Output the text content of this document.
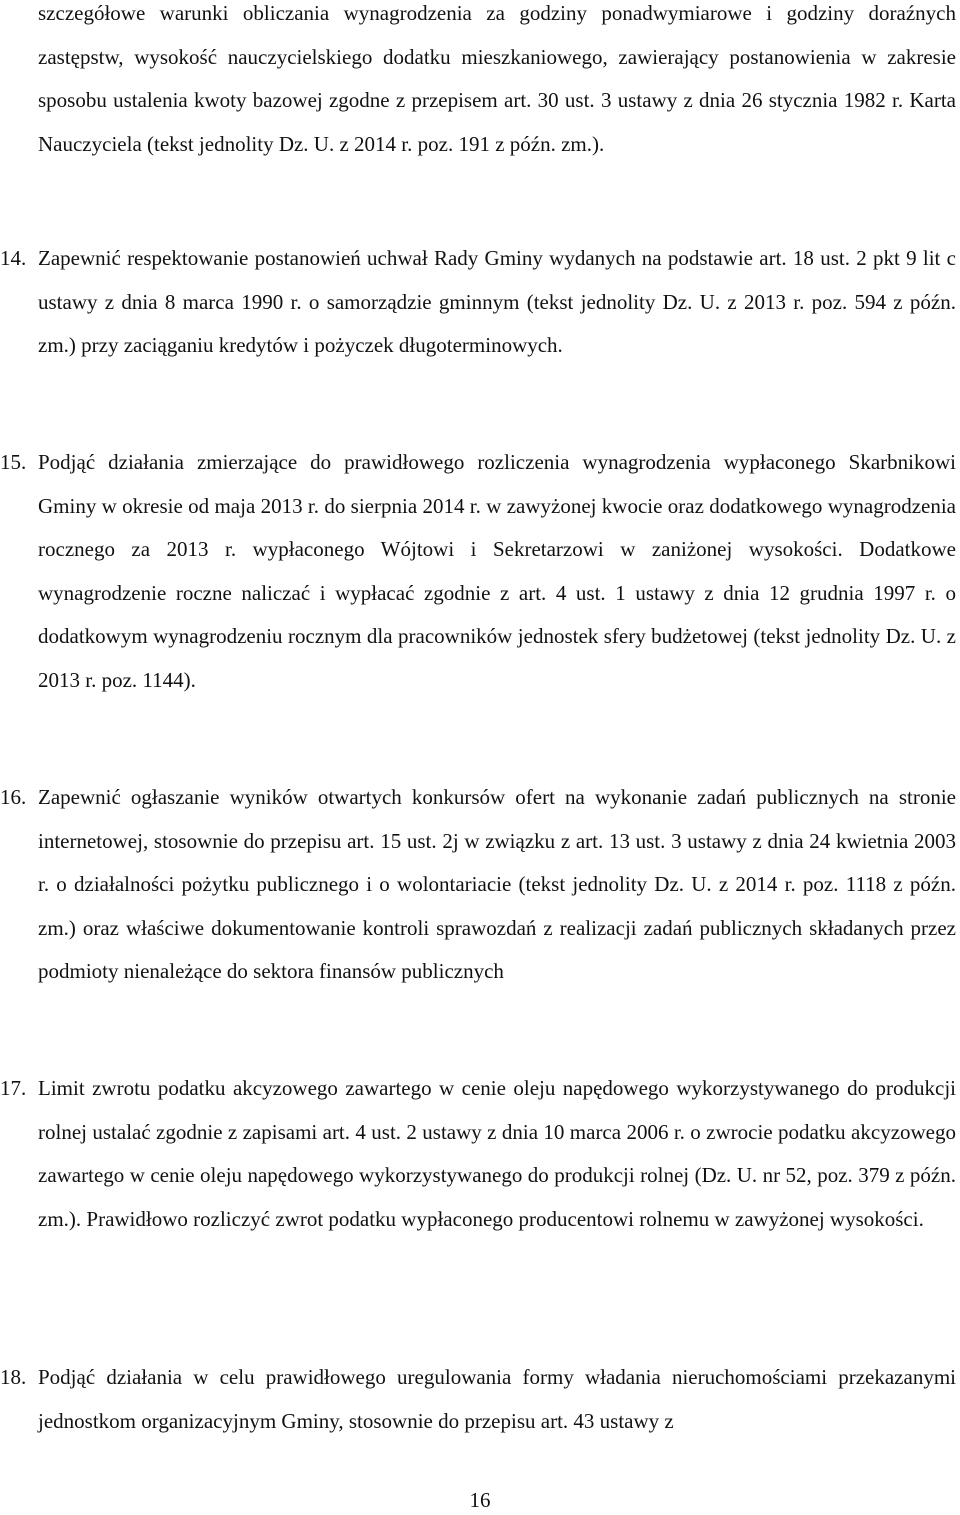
szczegółowe warunki obliczania wynagrodzenia za godziny ponadwymiarowe i godziny doraźnych zastępstw, wysokość nauczycielskiego dodatku mieszkaniowego, zawierający postanowienia w zakresie sposobu ustalenia kwoty bazowej zgodne z przepisem art. 30 ust. 3 ustawy z dnia 26 stycznia 1982 r. Karta Nauczyciela (tekst jednolity Dz. U. z 2014 r. poz. 191 z późn. zm.).
14. Zapewnić respektowanie postanowień uchwał Rady Gminy wydanych na podstawie art. 18 ust. 2 pkt 9 lit c ustawy z dnia 8 marca 1990 r. o samorządzie gminnym (tekst jednolity Dz. U. z 2013 r. poz. 594 z późn. zm.) przy zaciąganiu kredytów i pożyczek długoterminowych.
15. Podjąć działania zmierzające do prawidłowego rozliczenia wynagrodzenia wypłaconego Skarbnikowi Gminy w okresie od maja 2013 r. do sierpnia 2014 r. w zawyżonej kwocie oraz dodatkowego wynagrodzenia rocznego za 2013 r. wypłaconego Wójtowi i Sekretarzowi w zaniżonej wysokości. Dodatkowe wynagrodzenie roczne naliczać i wypłacać zgodnie z art. 4 ust. 1 ustawy z dnia 12 grudnia 1997 r. o dodatkowym wynagrodzeniu rocznym dla pracowników jednostek sfery budżetowej (tekst jednolity Dz. U. z 2013 r. poz. 1144).
16. Zapewnić ogłaszanie wyników otwartych konkursów ofert na wykonanie zadań publicznych na stronie internetowej, stosownie do przepisu art. 15 ust. 2j w związku z art. 13 ust. 3 ustawy z dnia 24 kwietnia 2003 r. o działalności pożytku publicznego i o wolontariacie (tekst jednolity Dz. U. z 2014 r. poz. 1118 z późn. zm.) oraz właściwe dokumentowanie kontroli sprawozdań z realizacji zadań publicznych składanych przez podmioty nienależące do sektora finansów publicznych
17. Limit zwrotu podatku akcyzowego zawartego w cenie oleju napędowego wykorzystywanego do produkcji rolnej ustalać zgodnie z zapisami art. 4 ust. 2 ustawy z dnia 10 marca 2006 r. o zwrocie podatku akcyzowego zawartego w cenie oleju napędowego wykorzystywanego do produkcji rolnej (Dz. U. nr 52, poz. 379 z późn. zm.). Prawidłowo rozliczyć zwrot podatku wypłaconego producentowi rolnemu w zawyżonej wysokości.
18. Podjąć działania w celu prawidłowego uregulowania formy władania nieruchomościami przekazanymi jednostkom organizacyjnym Gminy, stosownie do przepisu art. 43 ustawy z
16
